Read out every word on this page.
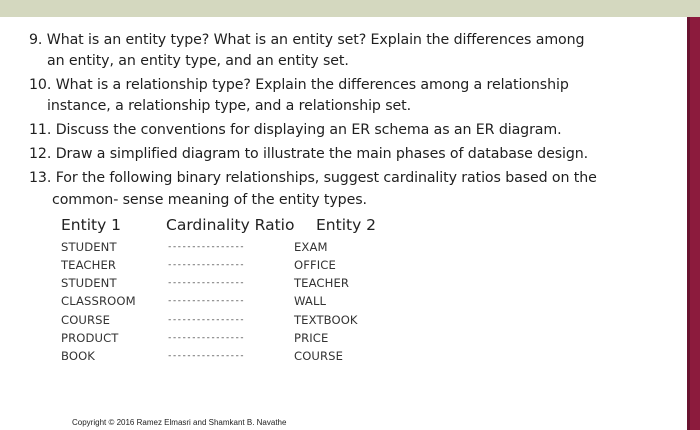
9. What is an entity type? What is an entity set? Explain the differences among
an entity, an entity type, and an entity set.
10. What is a relationship type? Explain the differences among a relationship
instance, a relationship type, and a relationship set.
11. Discuss the conventions for displaying an ER schema as an ER diagram.
12. Draw a simplified diagram to illustrate the main phases of database design.
13. For the following binary relationships, suggest cardinality ratios based on the
common- sense meaning of the entity types.
Entity 1	Cardinality Ratio Entity 2
STUDENT	----------------	EXAM
TEACHER	----------------	OFFICE
STUDENT	----------------	TEACHER
CLASSROOM	----------------	WALL
COURSE	----------------	TEXTBOOK
PRODUCT	----------------	PRICE
BOOK	----------------	COURSE
Copyright © 2016 Ramez Elmasri and Shamkant B. Navathe
